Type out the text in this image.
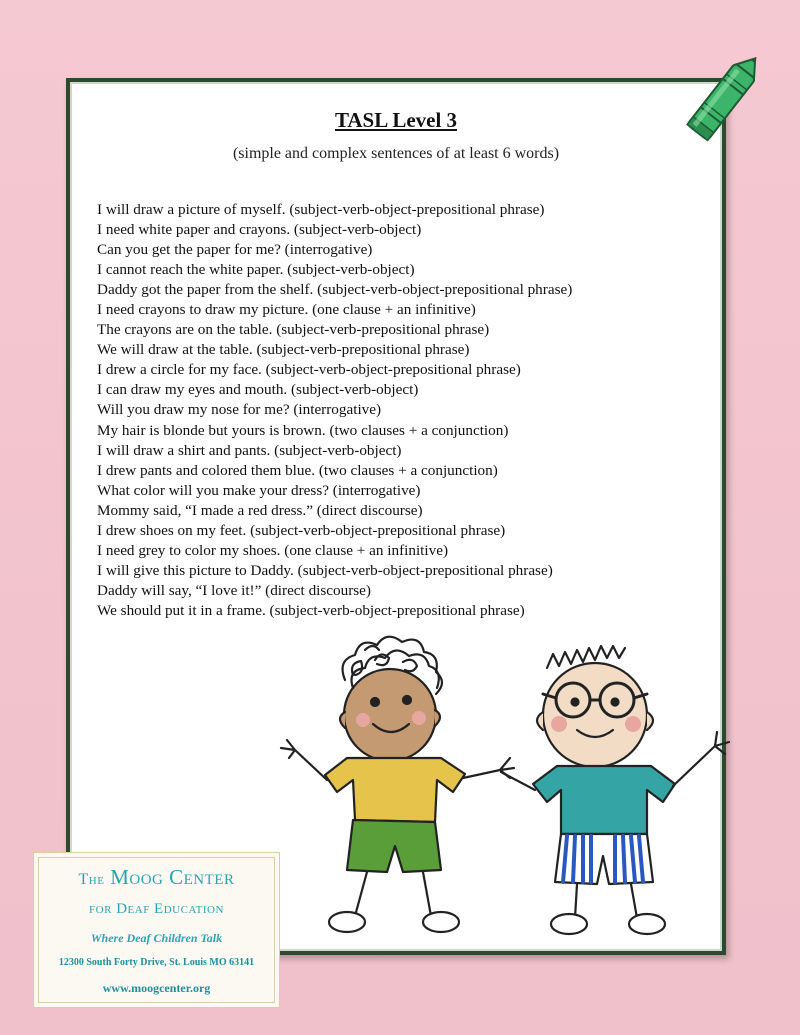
TASL Level 3
(simple and complex sentences of at least 6 words)
I will draw a picture of myself. (subject-verb-object-prepositional phrase)
I need white paper and crayons. (subject-verb-object)
Can you get the paper for me? (interrogative)
I cannot reach the white paper. (subject-verb-object)
Daddy got the paper from the shelf. (subject-verb-object-prepositional phrase)
I need crayons to draw my picture. (one clause + an infinitive)
The crayons are on the table. (subject-verb-prepositional phrase)
We will draw at the table. (subject-verb-prepositional phrase)
I drew a circle for my face. (subject-verb-object-prepositional phrase)
I can draw my eyes and mouth. (subject-verb-object)
Will you draw my nose for me? (interrogative)
My hair is blonde but yours is brown. (two clauses + a conjunction)
I will draw a shirt and pants. (subject-verb-object)
I drew pants and colored them blue. (two clauses + a conjunction)
What color will you make your dress? (interrogative)
Mommy said, “I made a red dress.” (direct discourse)
I drew shoes on my feet. (subject-verb-object-prepositional phrase)
I need grey to color my shoes. (one clause + an infinitive)
I will give this picture to Daddy. (subject-verb-object-prepositional phrase)
Daddy will say, “I love it!” (direct discourse)
We should put it in a frame. (subject-verb-object-prepositional phrase)
The Moog Center
for Deaf Education
Where Deaf Children Talk
12300 South Forty Drive, St. Louis MO 63141
www.moogcenter.org
